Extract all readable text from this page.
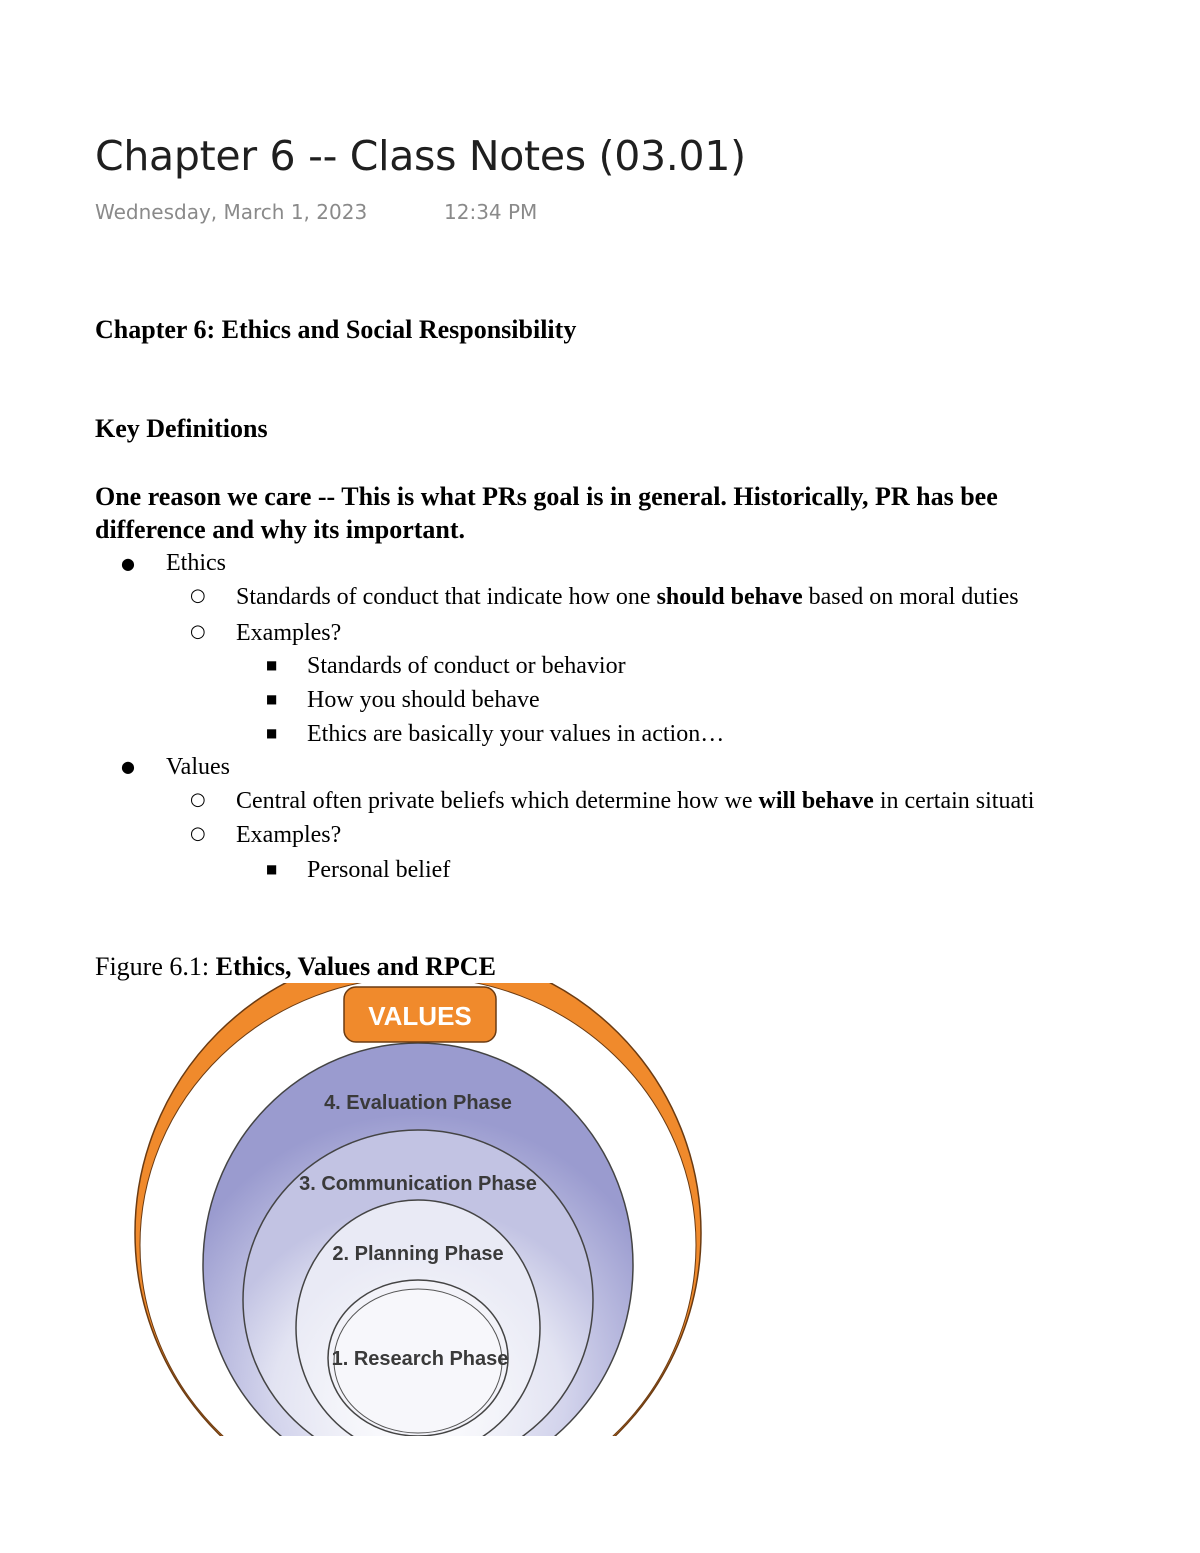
Chapter 6 -- Class Notes (03.01)
Wednesday, March 1, 2023	12:34 PM
Chapter 6: Ethics and Social Responsibility
Key Definitions
One reason we care -- This is what PRs goal is in general. Historically, PR has bee
difference and why its important.
● Ethics
○ Standards of conduct that indicate how one should behave based on moral duties
○ Examples?
■ Standards of conduct or behavior
■ How you should behave
■ Ethics are basically your values in action…
● Values
○ Central often private beliefs which determine how we will behave in certain situati
○ Examples?
■ Personal belief
Figure 6.1: Ethics, Values and RPCE
VALUES
4. Evaluation Phase
3. Communication Phase
2. Planning Phase
1. Research Phase
